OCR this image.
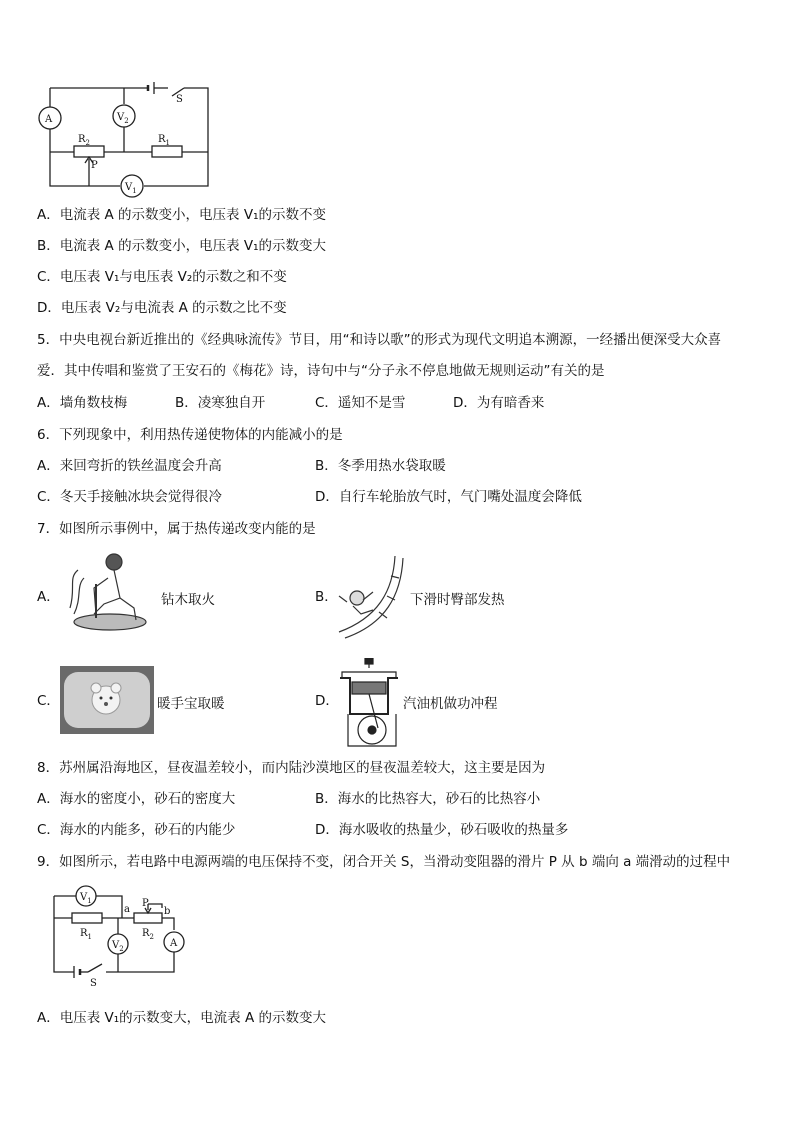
A	$V_2$
S
$R_2$	$R_1$
P
$V_1$
A．电流表 A 的示数变小，电压表 V₁的示数不变
B．电流表 A 的示数变小，电压表 V₁的示数变大
C．电压表 V₁与电压表 V₂的示数之和不变
D．电压表 V₂与电流表 A 的示数之比不变
5．中央电视台新近推出的《经典咏流传》节目，用“和诗以歌”的形式为现代文明追本溯源，一经播出便深受大众喜
爱．其中传唱和鉴赏了王安石的《梅花》诗，诗句中与“分子永不停息地做无规则运动”有关的是
A．墙角数枝梅	B．凌寒独自开	C．遥知不是雪	D．为有暗香来
6．下列现象中，利用热传递使物体的内能减小的是
A．来回弯折的铁丝温度会升高	B．冬季用热水袋取暖
C．冬天手接触冰块会觉得很冷	D．自行车轮胎放气时，气门嘴处温度会降低
7．如图所示事例中，属于热传递改变内能的是
A．	钻木取火	B．	下滑时臀部发热
C．	暖手宝取暖	D．	汽油机做功冲程
8．苏州属沿海地区，昼夜温差较小，而内陆沙漠地区的昼夜温差较大，这主要是因为
A．海水的密度小，砂石的密度大	B．海水的比热容大，砂石的比热容小
C．海水的内能多，砂石的内能少	D．海水吸收的热量少，砂石吸收的热量多
9．如图所示，若电路中电源两端的电压保持不变，闭合开关 S，当滑动变阻器的滑片 P 从 b 端向 a 端滑动的过程中
$V_1$
a
P
b
$R_1$
$V_2$
$R_2$
A
S
A．电压表 V₁的示数变大，电流表 A 的示数变大
